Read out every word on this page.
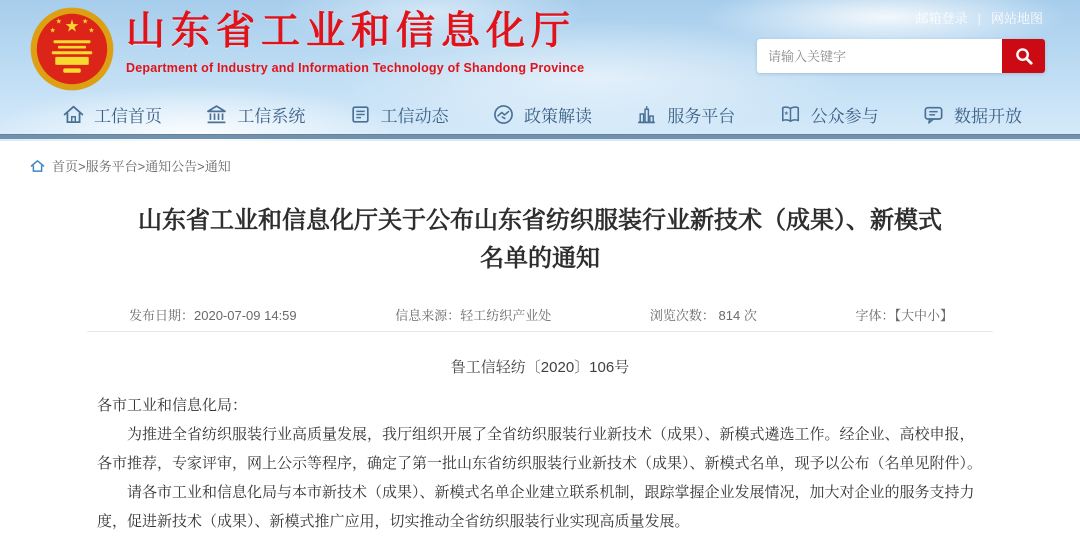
★
★	★
★	★ 山东省工业和信息化厅
Department of Industry and Information Technology of Shandong Province
邮箱登录 | 网站地图
请输入关键字
工信首页	工信系统	工信动态	政策解读	服务平台	★ 公众参与	数据开放
首页>服务平台>通知公告>通知
山东省工业和信息化厅关于公布山东省纺织服装行业新技术（成果）、新模式名单的通知
发布日期：2020-07-09 14:59	信息来源：轻工纺织产业处	浏览次数： 814 次	字体：【大中小】
鲁工信轻纺〔2020〕106号

各市工业和信息化局：

为推进全省纺织服装行业高质量发展，我厅组织开展了全省纺织服装行业新技术（成果）、新模式遴选工作。经企业、高校申报，各市推荐，专家评审，网上公示等程序，确定了第一批山东省纺织服装行业新技术（成果）、新模式名单，现予以公布（名单见附件）。

请各市工业和信息化局与本市新技术（成果）、新模式名单企业建立联系机制，跟踪掌握企业发展情况，加大对企业的服务支持力度，促进新技术（成果）、新模式推广应用，切实推动全省纺织服装行业实现高质量发展。
